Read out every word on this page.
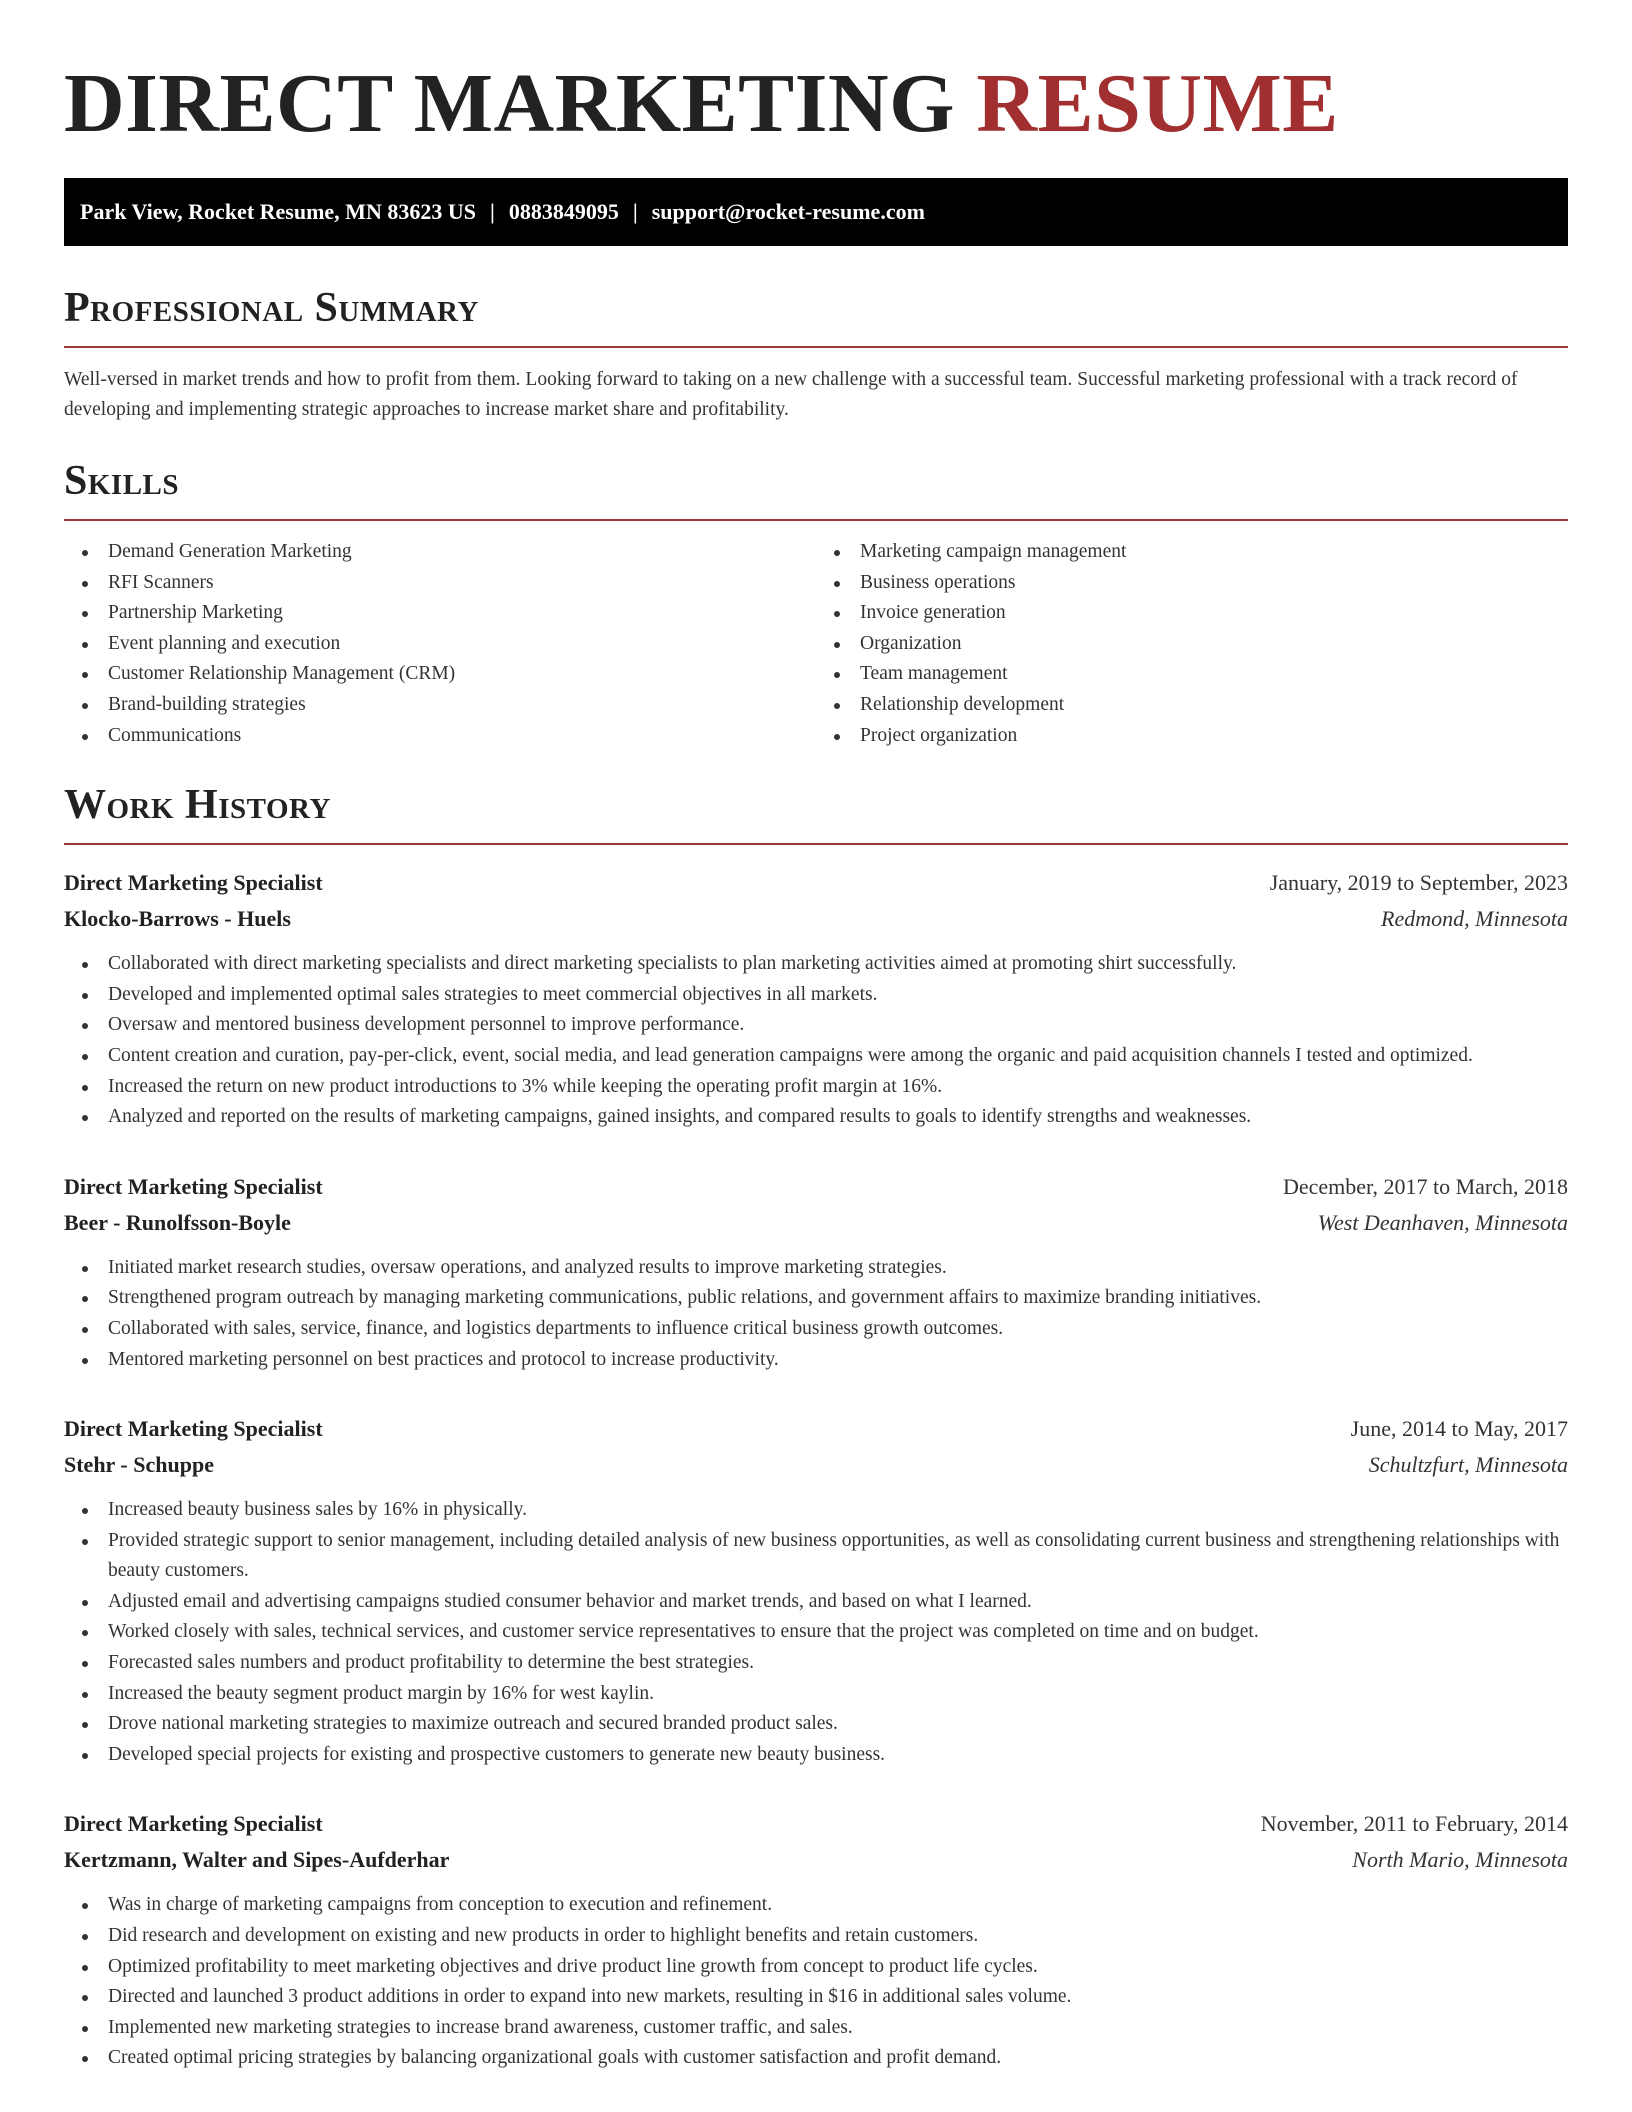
DIRECT MARKETING RESUME
Park View, Rocket Resume, MN 83623 US | 0883849095 | support@rocket-resume.com
Professional Summary

Well-versed in market trends and how to profit from them. Looking forward to taking on a new challenge with a successful team. Successful marketing professional with a track record of developing and implementing strategic approaches to increase market share and profitability.

Skills
Demand Generation Marketing
RFI Scanners
Partnership Marketing
Event planning and execution
Customer Relationship Management (CRM)
Brand-building strategies
Communications
Marketing campaign management
Business operations
Invoice generation
Organization
Team management
Relationship development
Project organization
Work History
Direct Marketing Specialist	January, 2019 to September, 2023
Klocko-Barrows - Huels	Redmond, Minnesota
Collaborated with direct marketing specialists and direct marketing specialists to plan marketing activities aimed at promoting shirt successfully.
Developed and implemented optimal sales strategies to meet commercial objectives in all markets.
Oversaw and mentored business development personnel to improve performance.
Content creation and curation, pay-per-click, event, social media, and lead generation campaigns were among the organic and paid acquisition channels I tested and optimized.
Increased the return on new product introductions to 3% while keeping the operating profit margin at 16%.
Analyzed and reported on the results of marketing campaigns, gained insights, and compared results to goals to identify strengths and weaknesses.
Direct Marketing Specialist	December, 2017 to March, 2018
Beer - Runolfsson-Boyle	West Deanhaven, Minnesota
Initiated market research studies, oversaw operations, and analyzed results to improve marketing strategies.
Strengthened program outreach by managing marketing communications, public relations, and government affairs to maximize branding initiatives.
Collaborated with sales, service, finance, and logistics departments to influence critical business growth outcomes.
Mentored marketing personnel on best practices and protocol to increase productivity.
Direct Marketing Specialist	June, 2014 to May, 2017
Stehr - Schuppe	Schultzfurt, Minnesota
Increased beauty business sales by 16% in physically.
Provided strategic support to senior management, including detailed analysis of new business opportunities, as well as consolidating current business and strengthening relationships with beauty customers.
Adjusted email and advertising campaigns studied consumer behavior and market trends, and based on what I learned.
Worked closely with sales, technical services, and customer service representatives to ensure that the project was completed on time and on budget.
Forecasted sales numbers and product profitability to determine the best strategies.
Increased the beauty segment product margin by 16% for west kaylin.
Drove national marketing strategies to maximize outreach and secured branded product sales.
Developed special projects for existing and prospective customers to generate new beauty business.
Direct Marketing Specialist	November, 2011 to February, 2014
Kertzmann, Walter and Sipes-Aufderhar	North Mario, Minnesota
Was in charge of marketing campaigns from conception to execution and refinement.
Did research and development on existing and new products in order to highlight benefits and retain customers.
Optimized profitability to meet marketing objectives and drive product line growth from concept to product life cycles.
Directed and launched 3 product additions in order to expand into new markets, resulting in $16 in additional sales volume.
Implemented new marketing strategies to increase brand awareness, customer traffic, and sales.
Created optimal pricing strategies by balancing organizational goals with customer satisfaction and profit demand.
